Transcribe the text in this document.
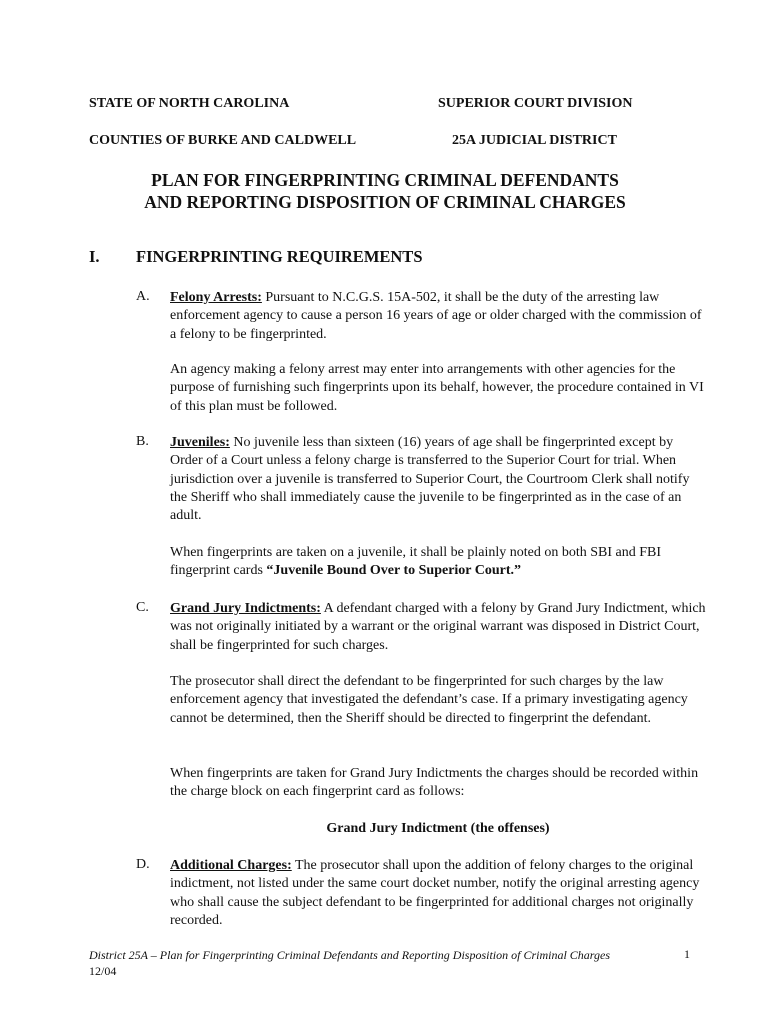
STATE OF NORTH CAROLINA	SUPERIOR COURT DIVISION
COUNTIES OF BURKE AND CALDWELL	25A JUDICIAL DISTRICT
PLAN FOR FINGERPRINTING CRIMINAL DEFENDANTS
AND REPORTING DISPOSITION OF CRIMINAL CHARGES
I. FINGERPRINTING REQUIREMENTS
A. Felony Arrests: Pursuant to N.C.G.S. 15A-502, it shall be the duty of the arresting law enforcement agency to cause a person 16 years of age or older charged with the commission of a felony to be fingerprinted.
An agency making a felony arrest may enter into arrangements with other agencies for the purpose of furnishing such fingerprints upon its behalf, however, the procedure contained in VI of this plan must be followed.
B. Juveniles: No juvenile less than sixteen (16) years of age shall be fingerprinted except by Order of a Court unless a felony charge is transferred to the Superior Court for trial. When jurisdiction over a juvenile is transferred to Superior Court, the Courtroom Clerk shall notify the Sheriff who shall immediately cause the juvenile to be fingerprinted as in the case of an adult.
When fingerprints are taken on a juvenile, it shall be plainly noted on both SBI and FBI fingerprint cards “Juvenile Bound Over to Superior Court.”
C. Grand Jury Indictments: A defendant charged with a felony by Grand Jury Indictment, which was not originally initiated by a warrant or the original warrant was disposed in District Court, shall be fingerprinted for such charges.
The prosecutor shall direct the defendant to be fingerprinted for such charges by the law enforcement agency that investigated the defendant’s case. If a primary investigating agency cannot be determined, then the Sheriff should be directed to fingerprint the defendant.
When fingerprints are taken for Grand Jury Indictments the charges should be recorded within the charge block on each fingerprint card as follows:
Grand Jury Indictment (the offenses)
D. Additional Charges: The prosecutor shall upon the addition of felony charges to the original indictment, not listed under the same court docket number, notify the original arresting agency who shall cause the subject defendant to be fingerprinted for additional charges not originally recorded.
District 25A – Plan for Fingerprinting Criminal Defendants and Reporting Disposition of Criminal Charges	1
12/04
